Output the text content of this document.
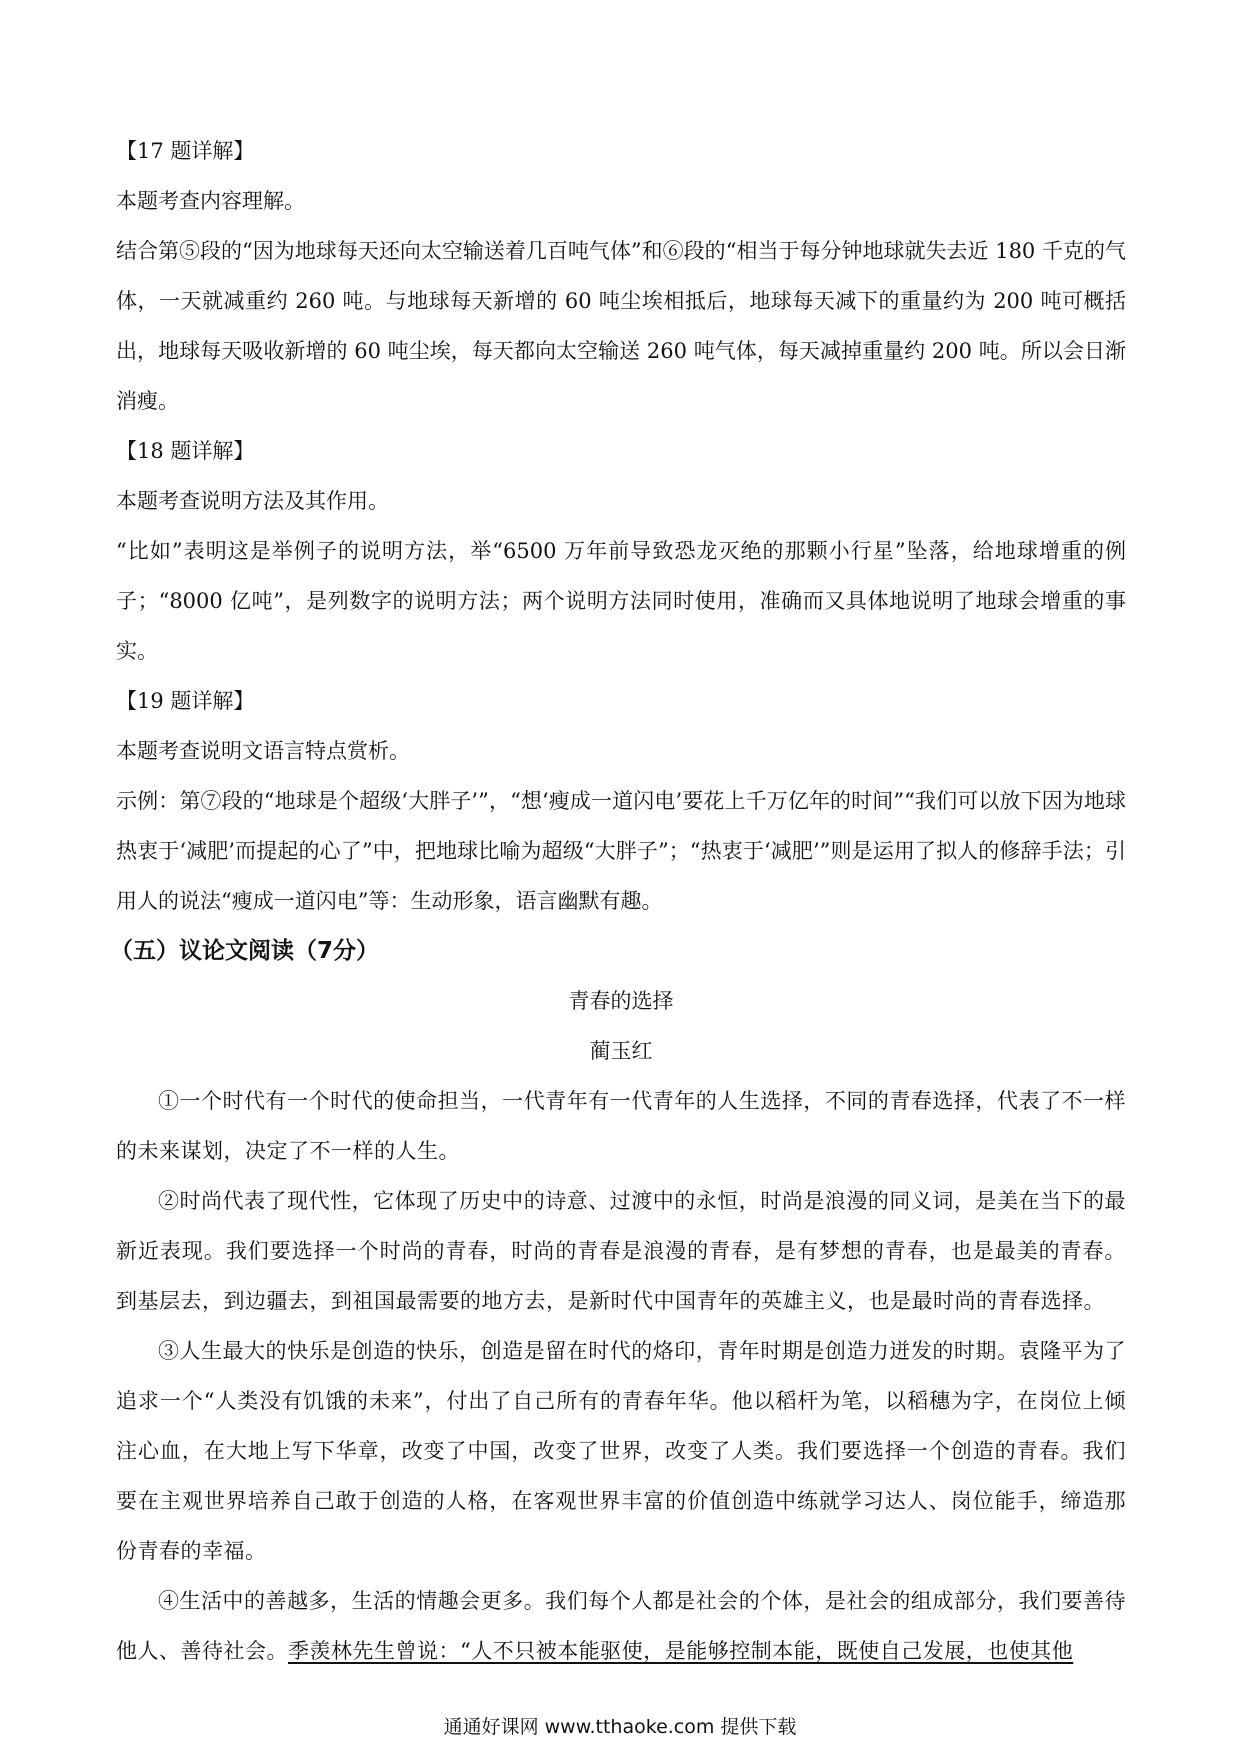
【17 题详解】

本题考查内容理解。

结合第⑤段的“因为地球每天还向太空输送着几百吨气体”和⑥段的“相当于每分钟地球就失去近 180 千克的气体，一天就减重约 260 吨。与地球每天新增的 60 吨尘埃相抵后，地球每天减下的重量约为 200 吨可概括出，地球每天吸收新增的 60 吨尘埃，每天都向太空输送 260 吨气体，每天减掉重量约 200 吨。所以会日渐消瘦。

【18 题详解】

本题考查说明方法及其作用。

“比如”表明这是举例子的说明方法，举“6500 万年前导致恐龙灭绝的那颗小行星”坠落，给地球增重的例子；“8000 亿吨”，是列数字的说明方法；两个说明方法同时使用，准确而又具体地说明了地球会增重的事实。

【19 题详解】

本题考查说明文语言特点赏析。

示例：第⑦段的“地球是个超级‘大胖子’”，“想‘瘦成一道闪电’要花上千万亿年的时间”“我们可以放下因为地球热衷于‘减肥’而提起的心了”中，把地球比喻为超级“大胖子”；“热衷于‘减肥’”则是运用了拟人的修辞手法；引用人的说法“瘦成一道闪电”等：生动形象，语言幽默有趣。

（五）议论文阅读（7分）

青春的选择

蔺玉红

①一个时代有一个时代的使命担当，一代青年有一代青年的人生选择，不同的青春选择，代表了不一样的未来谋划，决定了不一样的人生。

②时尚代表了现代性，它体现了历史中的诗意、过渡中的永恒，时尚是浪漫的同义词，是美在当下的最新近表现。我们要选择一个时尚的青春，时尚的青春是浪漫的青春，是有梦想的青春，也是最美的青春。到基层去，到边疆去，到祖国最需要的地方去，是新时代中国青年的英雄主义，也是最时尚的青春选择。

③人生最大的快乐是创造的快乐，创造是留在时代的烙印，青年时期是创造力迸发的时期。袁隆平为了追求一个“人类没有饥饿的未来”，付出了自己所有的青春年华。他以稻杆为笔，以稻穗为字，在岗位上倾注心血，在大地上写下华章，改变了中国，改变了世界，改变了人类。我们要选择一个创造的青春。我们要在主观世界培养自己敢于创造的人格，在客观世界丰富的价值创造中练就学习达人、岗位能手，缔造那份青春的幸福。

④生活中的善越多，生活的情趣会更多。我们每个人都是社会的个体，是社会的组成部分，我们要善待他人、善待社会。季羡林先生曾说：“人不只被本能驱使，是能够控制本能，既使自己发展，也使其他

通通好课网 www.tthaoke.com 提供下载
